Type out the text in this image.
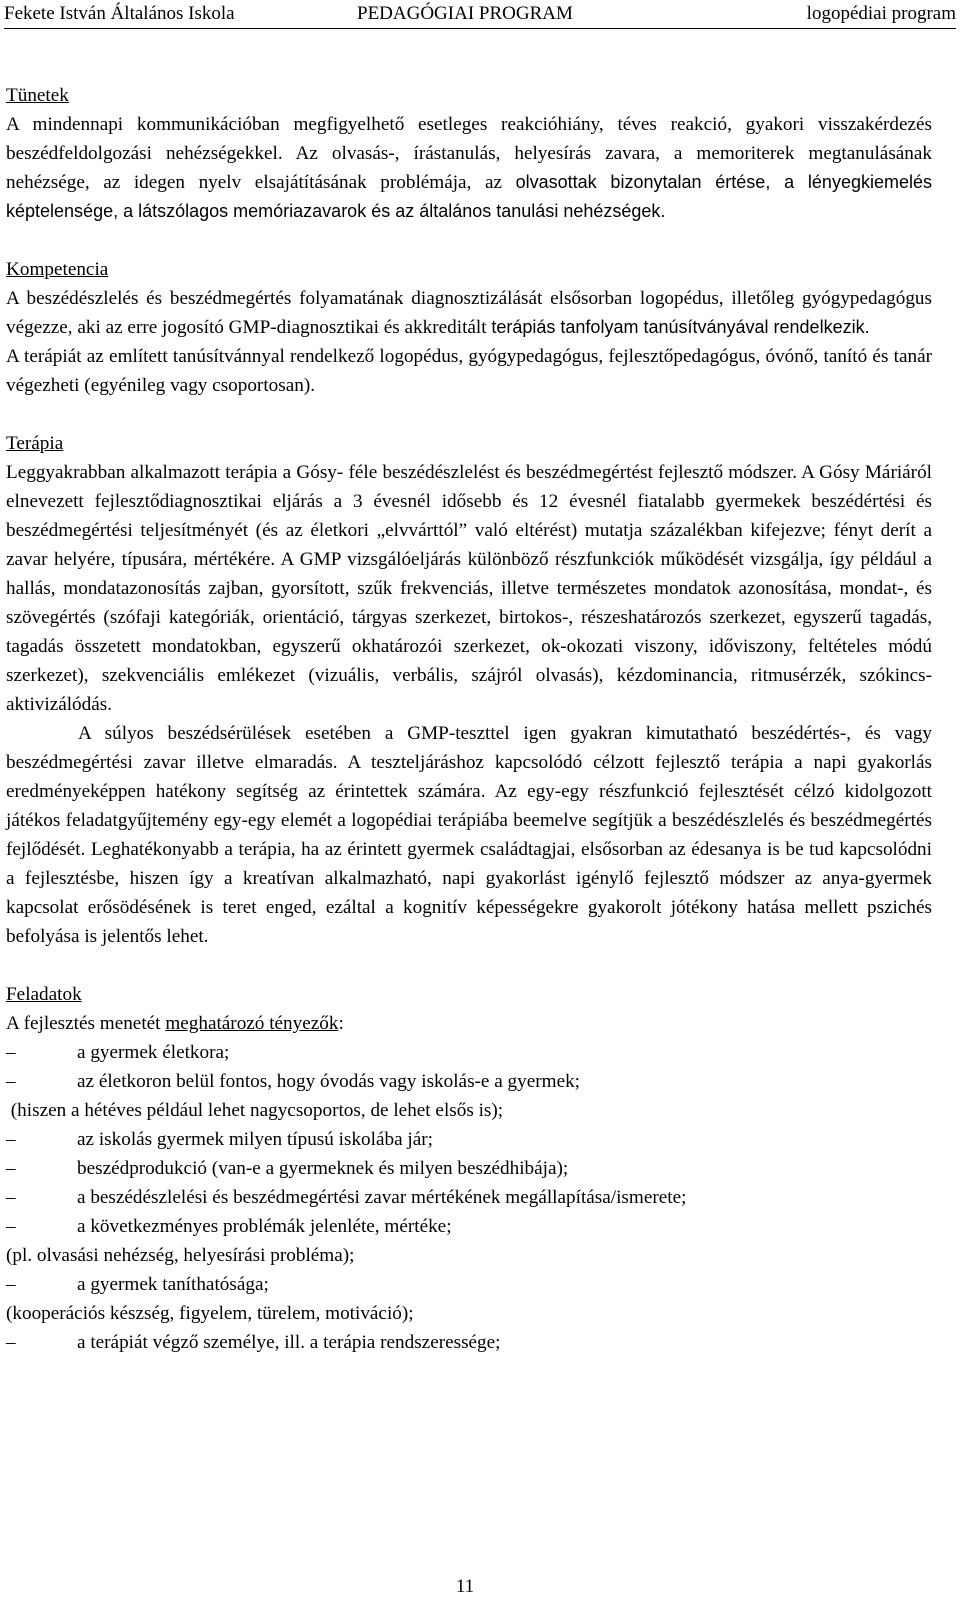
Fekete István Általános Iskola	PEDAGÓGIAI PROGRAM	logopédiai program
Tünetek

A mindennapi kommunikációban megfigyelhető esetleges reakcióhiány, téves reakció, gyakori visszakérdezés beszédfeldolgozási nehézségekkel. Az olvasás-, írástanulás, helyesírás zavara, a memoriterek megtanulásának nehézsége, az idegen nyelv elsajátításának problémája, az olvasottak bizonytalan értése, a lényegkiemelés képtelensége, a látszólagos memóriazavarok és az általános tanulási nehézségek.

Kompetencia

A beszédészlelés és beszédmegértés folyamatának diagnosztizálását elsősorban logopédus, illetőleg gyógypedagógus végezze, aki az erre jogosító GMP-diagnosztikai és akkreditált terápiás tanfolyam tanúsítványával rendelkezik.

A terápiát az említett tanúsítvánnyal rendelkező logopédus, gyógypedagógus, fejlesztőpedagógus, óvónő, tanító és tanár végezheti (egyénileg vagy csoportosan).

Terápia

Leggyakrabban alkalmazott terápia a Gósy- féle beszédészlelést és beszédmegértést fejlesztő módszer. A Gósy Máriáról elnevezett fejlesztődiagnosztikai eljárás a 3 évesnél idősebb és 12 évesnél fiatalabb gyermekek beszédértési és beszédmegértési teljesítményét (és az életkori „elvvárttól” való eltérést) mutatja százalékban kifejezve; fényt derít a zavar helyére, típusára, mértékére. A GMP vizsgálóeljárás különböző részfunkciók működését vizsgálja, így például a hallás, mondatazonosítás zajban, gyorsított, szűk frekvenciás, illetve természetes mondatok azonosítása, mondat-, és szövegértés (szófaji kategóriák, orientáció, tárgyas szerkezet, birtokos-, részeshatározós szerkezet, egyszerű tagadás, tagadás összetett mondatokban, egyszerű okhatározói szerkezet, ok-okozati viszony, időviszony, feltételes módú szerkezet), szekvenciális emlékezet (vizuális, verbális, szájról olvasás), kézdominancia, ritmusérzék, szókincs-aktivizálódás.

A súlyos beszédsérülések esetében a GMP-teszttel igen gyakran kimutatható beszédértés-, és vagy beszédmegértési zavar illetve elmaradás. A teszteljáráshoz kapcsolódó célzott fejlesztő terápia a napi gyakorlás eredményeképpen hatékony segítség az érintettek számára. Az egy-egy részfunkció fejlesztését célzó kidolgozott játékos feladatgyűjtemény egy-egy elemét a logopédiai terápiába beemelve segítjük a beszédészlelés és beszédmegértés fejlődését. Leghatékonyabb a terápia, ha az érintett gyermek családtagjai, elsősorban az édesanya is be tud kapcsolódni a fejlesztésbe, hiszen így a kreatívan alkalmazható, napi gyakorlást igénylő fejlesztő módszer az anya-gyermek kapcsolat erősödésének is teret enged, ezáltal a kognitív képességekre gyakorolt jótékony hatása mellett pszichés befolyása is jelentős lehet.

Feladatok
A fejlesztés menetét meghatározó tényezők:
–	a gyermek életkora;
–	az életkoron belül fontos, hogy óvodás vagy iskolás-e a gyermek;
(hiszen a hétéves például lehet nagycsoportos, de lehet elsős is);
–	az iskolás gyermek milyen típusú iskolába jár;
–	beszédprodukció (van-e a gyermeknek és milyen beszédhibája);
–	a beszédészlelési és beszédmegértési zavar mértékének megállapítása/ismerete;
–	a következményes problémák jelenléte, mértéke;
(pl. olvasási nehézség, helyesírási probléma);
–	a gyermek taníthatósága;
(kooperációs készség, figyelem, türelem, motiváció);
–	a terápiát végző személye, ill. a terápia rendszeressége;
11
